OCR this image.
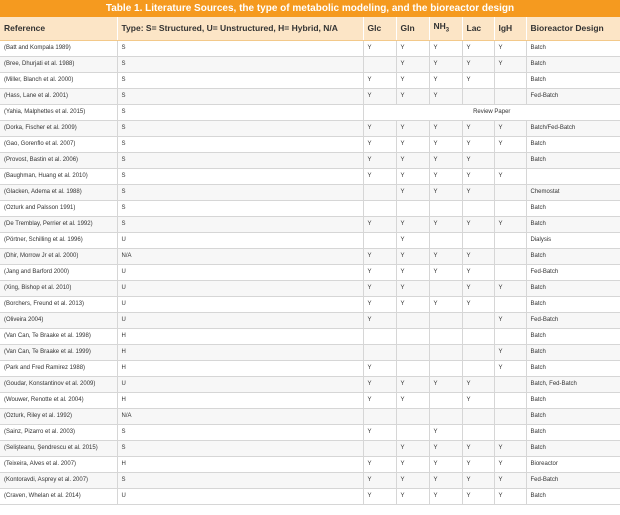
Table 1. Literature Sources, the type of metabolic modeling, and the bioreactor design
Reference	Type: S= Structured, U= Unstructured, H= Hybrid, N/A	Glc	Gln	$NH_3$	Lac	IgH	Bioreactor Design
(Batt and Kompala 1989)	S	Y	Y	Y	Y	Y	Batch
(Bree, Dhurjati et al. 1988)	S		Y	Y	Y	Y	Batch
(Miller, Blanch et al. 2000)	S	Y	Y	Y	Y		Batch
(Hass, Lane et al. 2001)	S	Y	Y	Y			Fed-Batch
(Yahia, Malphettes et al. 2015)	S	Review Paper					
(Dorka, Fischer et al. 2009)	S	Y	Y	Y	Y	Y	Batch/Fed-Batch
(Gao, Gorenflo et al. 2007)	S	Y	Y	Y	Y	Y	Batch
(Provost, Bastin et al. 2006)	S	Y	Y	Y	Y		Batch
(Baughman, Huang et al. 2010)	S	Y	Y	Y	Y	Y	
(Glacken, Adema et al. 1988)	S		Y	Y	Y		Chemostat
(Ozturk and Palsson 1991)	S						Batch
(De Tremblay, Perrier et al. 1992)	S	Y	Y	Y	Y	Y	Batch
(Pörtner, Schilling et al. 1996)	U		Y				Dialysis
(Dhir, Morrow Jr et al. 2000)	N/A	Y	Y	Y	Y		Batch
(Jang and Barford 2000)	U	Y	Y	Y	Y		Fed-Batch
(Xing, Bishop et al. 2010)	U	Y	Y		Y	Y	Batch
(Borchers, Freund et al. 2013)	U	Y	Y	Y	Y		Batch
(Oliveira 2004)	U	Y				Y	Fed-Batch
(Van Can, Te Braake et al. 1998)	H						Batch
(Van Can, Te Braake et al. 1999)	H					Y	Batch
(Park and Fred Ramirez 1988)	H	Y				Y	Batch
(Goudar, Konstantinov et al. 2009)	U	Y	Y	Y	Y		Batch, Fed-Batch
(Wouwer, Renotte et al. 2004)	H	Y	Y		Y		Batch
(Ozturk, Riley et al. 1992)	N/A						Batch
(Sainz, Pizarro et al. 2003)	S	Y		Y			Batch
(Selişteanu, Şendrescu et al. 2015)	S		Y	Y	Y	Y	Batch
(Teixeira, Alves et al. 2007)	H	Y	Y	Y	Y	Y	Bioreactor
(Kontoravdi, Asprey et al. 2007)	S	Y	Y	Y	Y	Y	Fed-Batch
(Craven, Whelan et al. 2014)	U	Y	Y	Y	Y	Y	Batch
